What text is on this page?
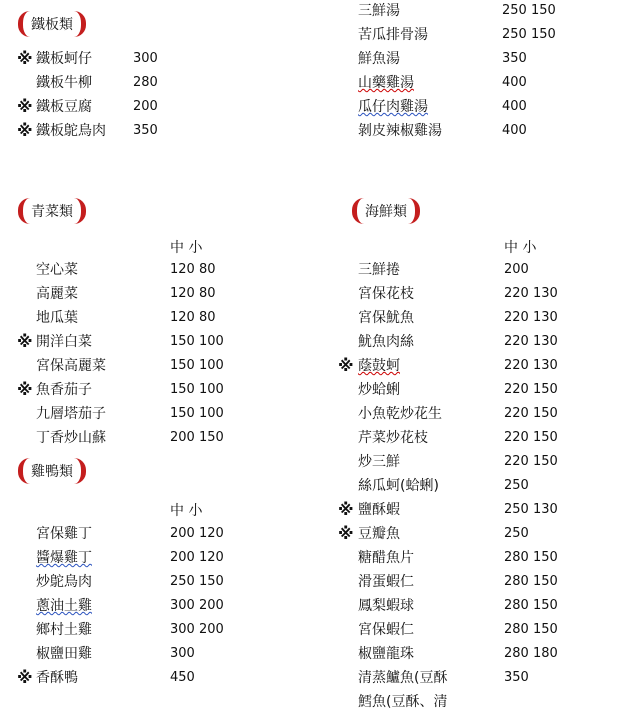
鐵板類
※ 鐵板蚵仔	300
鐵板牛柳	280
※ 鐵板豆腐	200
※ 鐵板鴕鳥肉 350
青菜類
中 小
空心菜	120 80
高麗菜	120 80
地瓜葉	120 80
※ 開洋白菜	150 100
宮保高麗菜	150 100
※ 魚香茄子	150 100
九層塔茄子	150 100
丁香炒山蘇	200 150
雞鴨類
中 小
宮保雞丁	200 120
醬爆雞丁	200 120
炒鴕鳥肉	250 150
蔥油土雞	300 200
鄉村土雞	300 200
椒鹽田雞	300
※ 香酥鴨	450
三鮮湯	250 150
苦瓜排骨湯	250 150
鮮魚湯	350
山藥雞湯	400
瓜仔肉雞湯	400
剝皮辣椒雞湯	400
海鮮類
中 小
三鮮捲	200
宮保花枝	220 130
宮保魷魚	220 130
魷魚肉絲	220 130
※ 蔭鼓蚵	220 130
炒蛤蜊	220 150
小魚乾炒花生	220 150
芹菜炒花枝	220 150
炒三鮮	220 150
絲瓜蚵(蛤蜊)	250
※ 鹽酥蝦	250 130
※ 豆瓣魚	250
糖醋魚片	280 150
滑蛋蝦仁	280 150
鳳梨蝦球	280 150
宮保蝦仁	280 150
椒鹽龍珠	280 180
清蒸鱸魚(豆酥	350
鱈魚(豆酥、清
